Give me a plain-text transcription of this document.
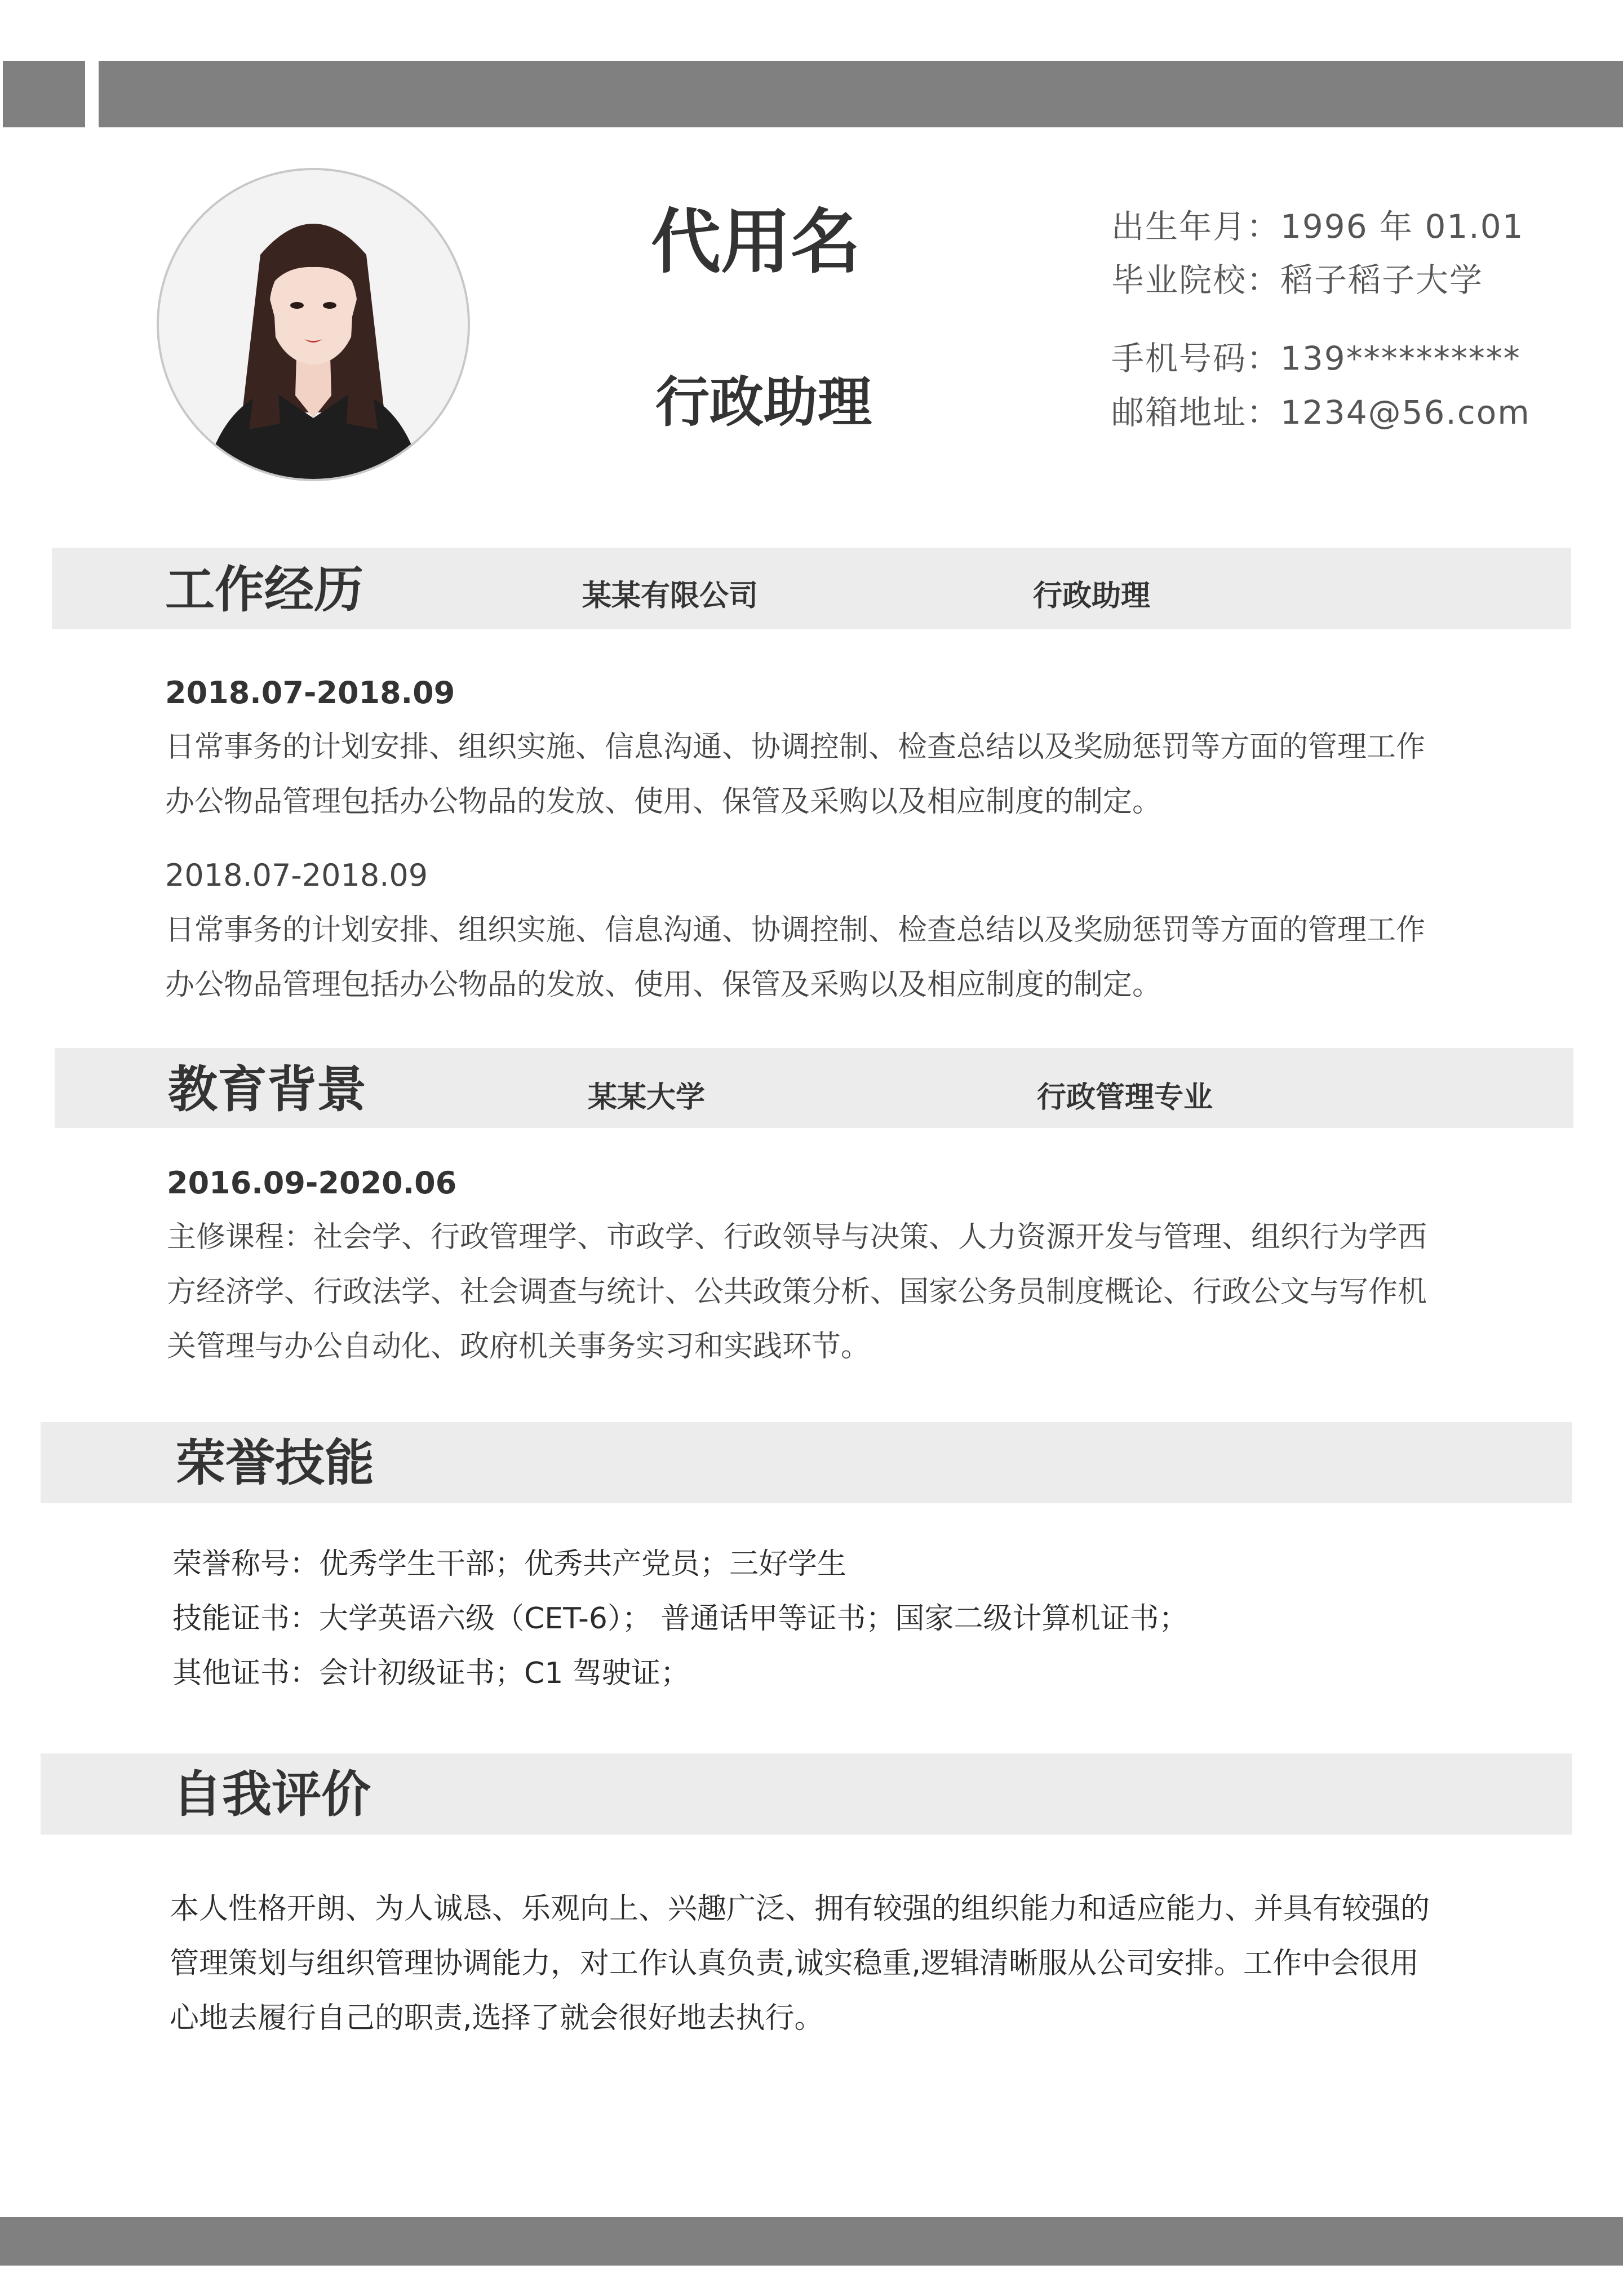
代用名
行政助理
出生年月：1996 年 01.01
毕业院校：稻子稻子大学
手机号码：139**********
邮箱地址：1234@56.com
工作经历	某某有限公司	行政助理
2018.07-2018.09
日常事务的计划安排、组织实施、信息沟通、协调控制、检查总结以及奖励惩罚等方面的管理工作
办公物品管理包括办公物品的发放、使用、保管及采购以及相应制度的制定。
2018.07-2018.09
日常事务的计划安排、组织实施、信息沟通、协调控制、检查总结以及奖励惩罚等方面的管理工作
办公物品管理包括办公物品的发放、使用、保管及采购以及相应制度的制定。
教育背景	某某大学	行政管理专业
2016.09-2020.06
主修课程：社会学、行政管理学、市政学、行政领导与决策、人力资源开发与管理、组织行为学西
方经济学、行政法学、社会调查与统计、公共政策分析、国家公务员制度概论、行政公文与写作机
关管理与办公自动化、政府机关事务实习和实践环节。
荣誉技能
荣誉称号：优秀学生干部；优秀共产党员；三好学生
技能证书：大学英语六级（CET-6）； 普通话甲等证书；国家二级计算机证书；
其他证书：会计初级证书；C1 驾驶证；
自我评价
本人性格开朗、为人诚恳、乐观向上、兴趣广泛、拥有较强的组织能力和适应能力、并具有较强的
管理策划与组织管理协调能力，对工作认真负责,诚实稳重,逻辑清晰服从公司安排。工作中会很用
心地去履行自己的职责,选择了就会很好地去执行。
